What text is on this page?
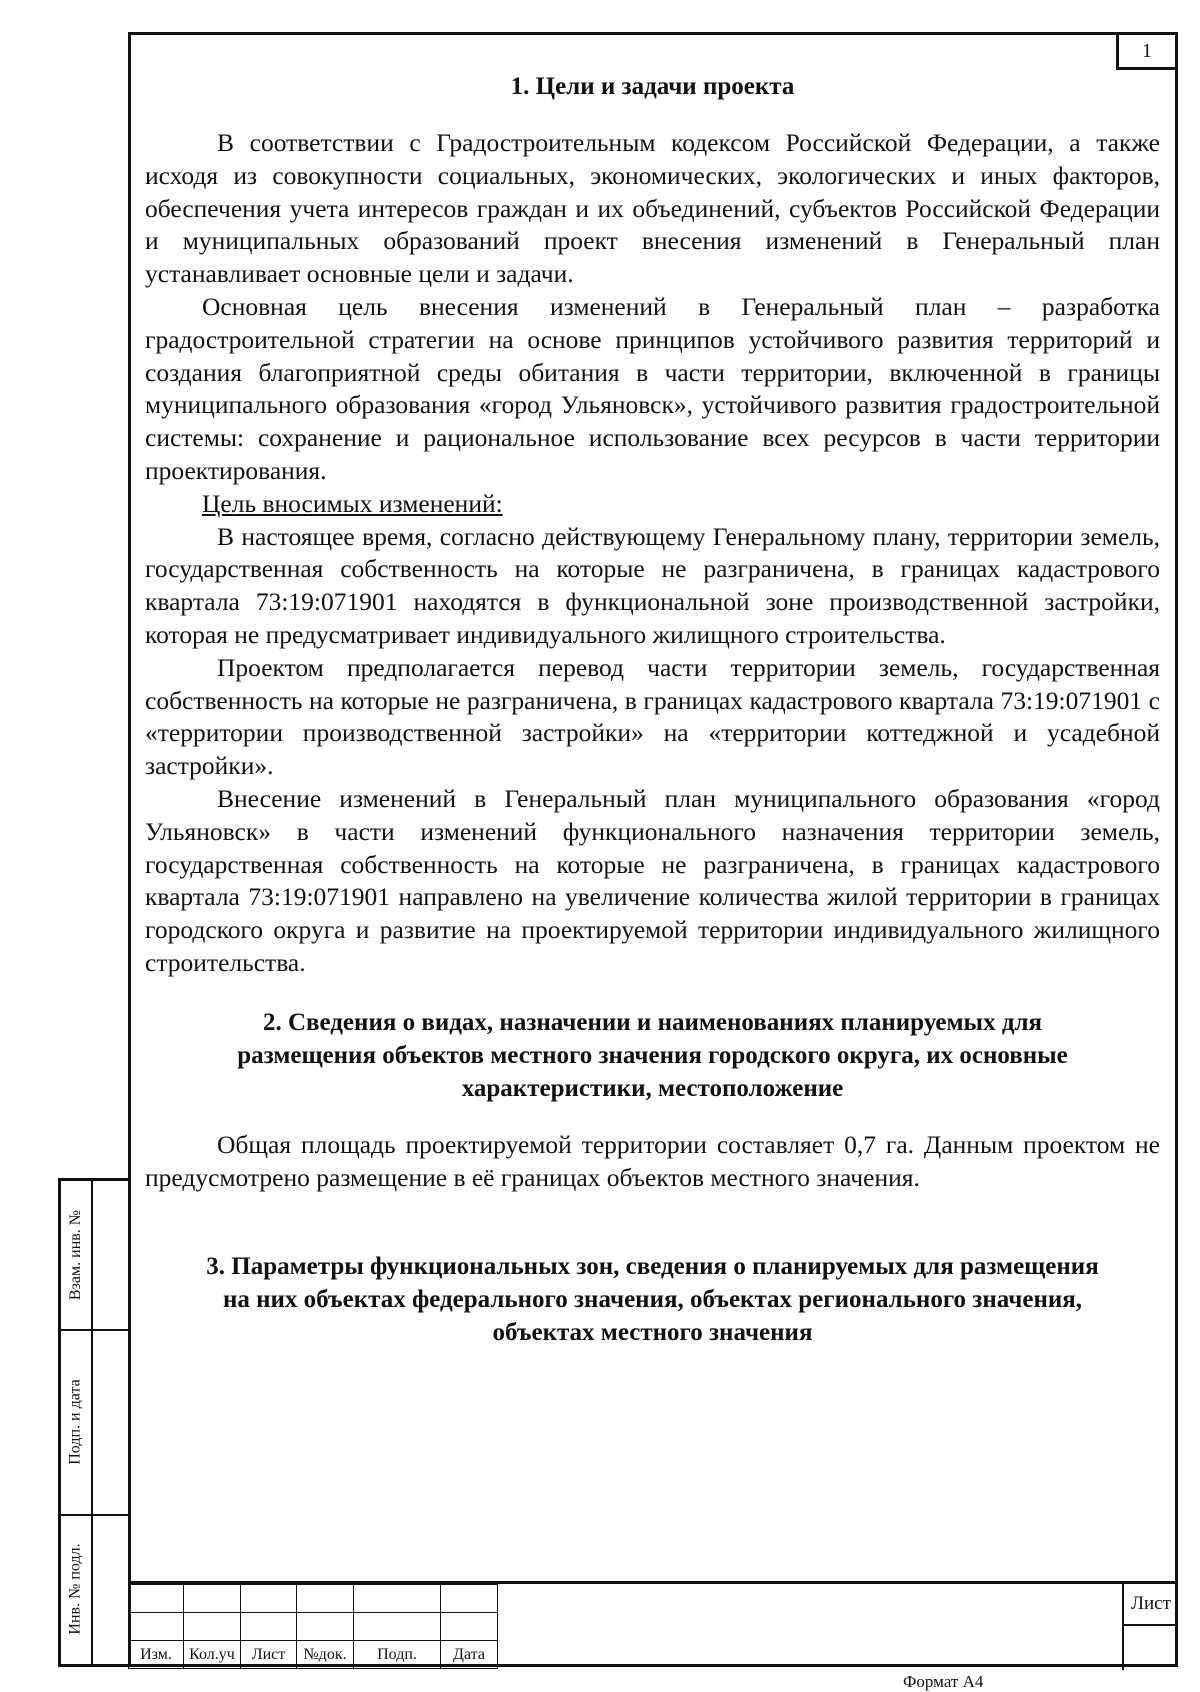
1
1. Цели и задачи проекта

В соответствии с Градостроительным кодексом Российской Федерации, а также исходя из совокупности социальных, экономических, экологических и иных факторов, обеспечения учета интересов граждан и их объединений, субъектов Российской Федерации и муниципальных образований проект внесения изменений в Генеральный план устанавливает основные цели и задачи.

Основная цель внесения изменений в Генеральный план – разработка градостроительной стратегии на основе принципов устойчивого развития территорий и создания благоприятной среды обитания в части территории, включенной в границы муниципального образования «город Ульяновск», устойчивого развития градостроительной системы: сохранение и рациональное использование всех ресурсов в части территории проектирования.

Цель вносимых изменений:

В настоящее время, согласно действующему Генеральному плану, территории земель, государственная собственность на которые не разграничена, в границах кадастрового квартала 73:19:071901 находятся в функциональной зоне производственной застройки, которая не предусматривает индивидуального жилищного строительства.

Проектом предполагается перевод части территории земель, государственная собственность на которые не разграничена, в границах кадастрового квартала 73:19:071901 с «территории производственной застройки» на «территории коттеджной и усадебной застройки».

Внесение изменений в Генеральный план муниципального образования «город Ульяновск» в части изменений функционального назначения территории земель, государственная собственность на которые не разграничена, в границах кадастрового квартала 73:19:071901 направлено на увеличение количества жилой территории в границах городского округа и развитие на проектируемой территории индивидуального жилищного строительства.

2. Сведения о видах, назначении и наименованиях планируемых для размещения объектов местного значения городского округа, их основные характеристики, местоположение

Общая площадь проектируемой территории составляет 0,7 га. Данным проектом не предусмотрено размещение в её границах объектов местного значения.

3. Параметры функциональных зон, сведения о планируемых для размещения на них объектах федерального значения, объектах регионального значения, объектах местного значения
Взам. инв. №
Подп. и дата
Инв. № подл.

Изм.	Кол.уч	Лист	№док.	Подп.	Дата
Лист
Формат А4
